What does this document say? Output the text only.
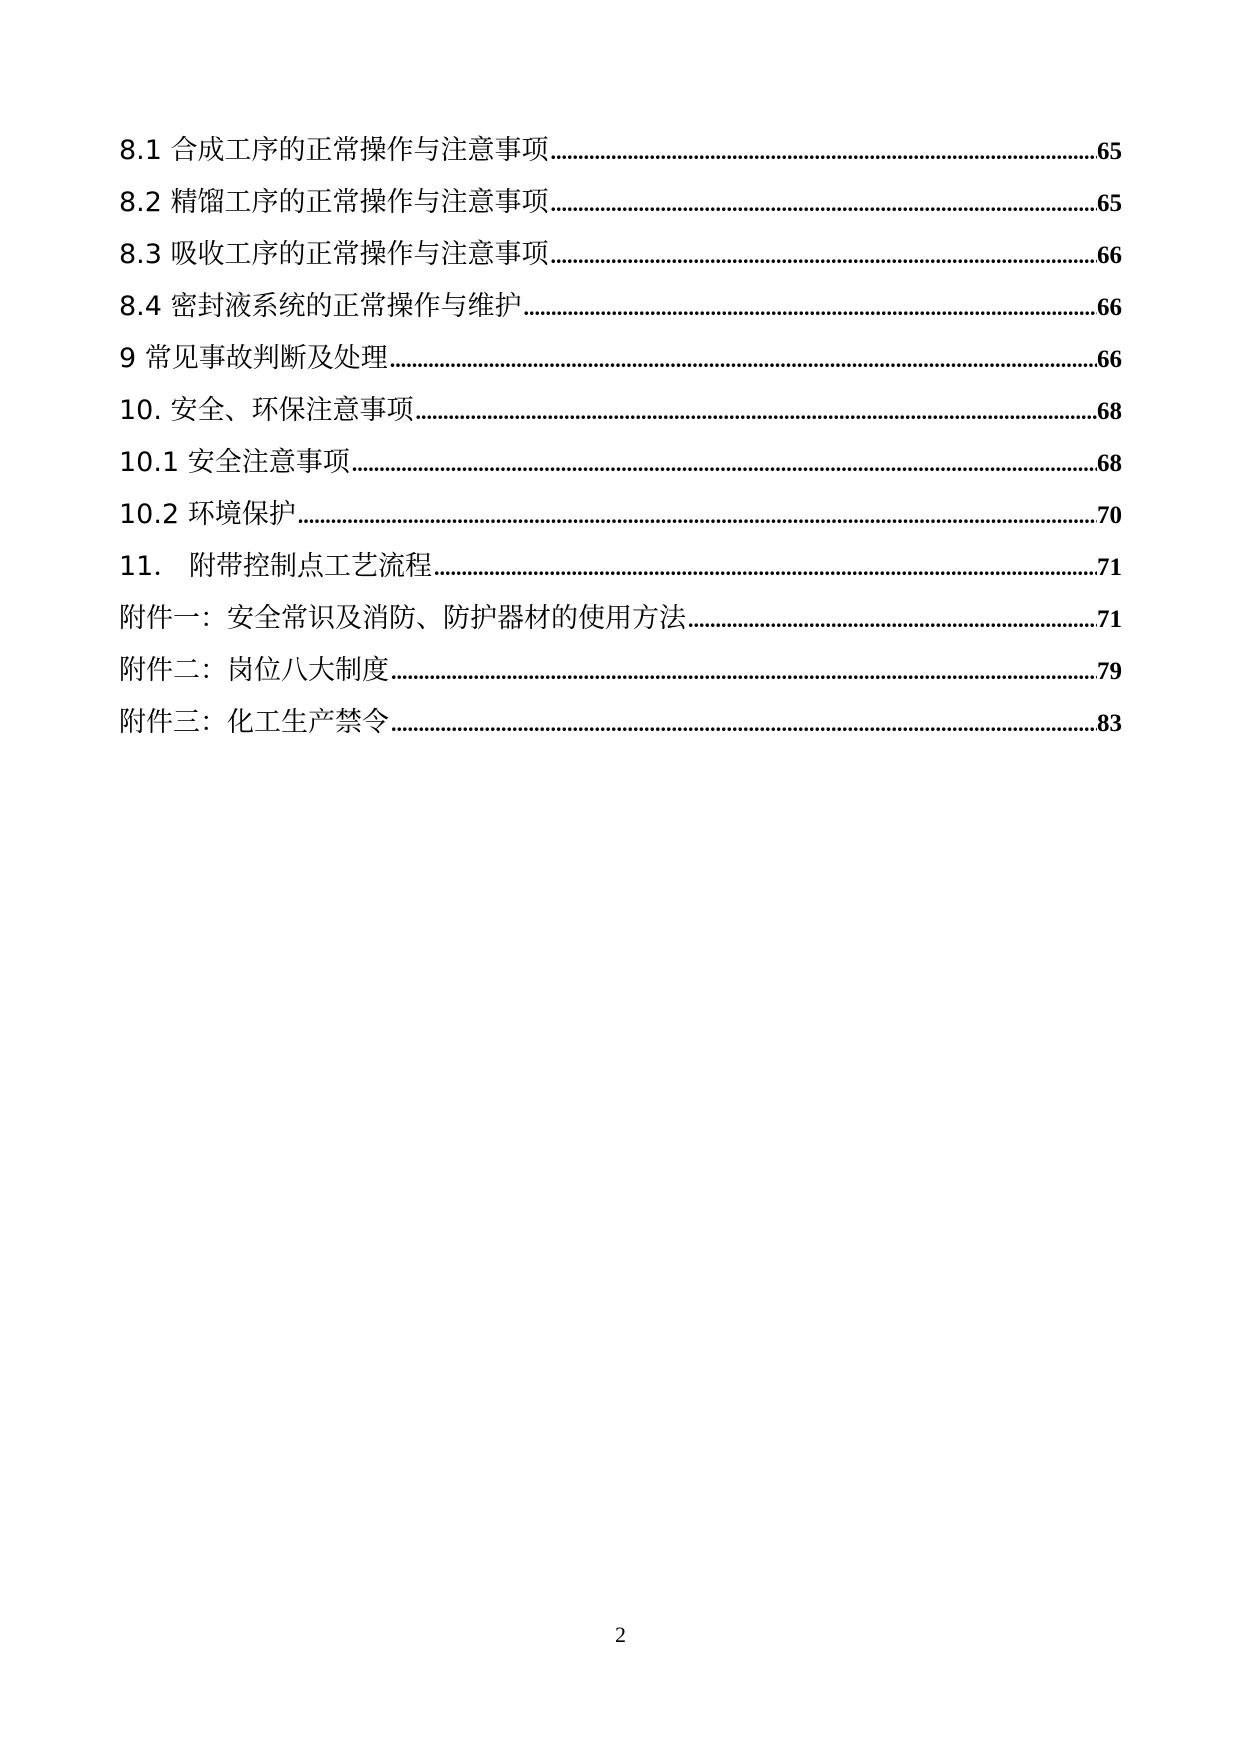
8.1 合成工序的正常操作与注意事项 .....	65
8.2 精馏工序的正常操作与注意事项 .....	65
8.3 吸收工序的正常操作与注意事项 .....	66
8.4 密封液系统的正常操作与维护 .....	66
9 常见事故判断及处理 .....	66
10. 安全、环保注意事项 .....	68
10.1 安全注意事项 .....	68
10.2 环境保护 .....	70
11． 附带控制点工艺流程 .....	71
附件一：安全常识及消防、防护器材的使用方法 .....	71
附件二：岗位八大制度 .....	79
附件三：化工生产禁令 .....	83
2
